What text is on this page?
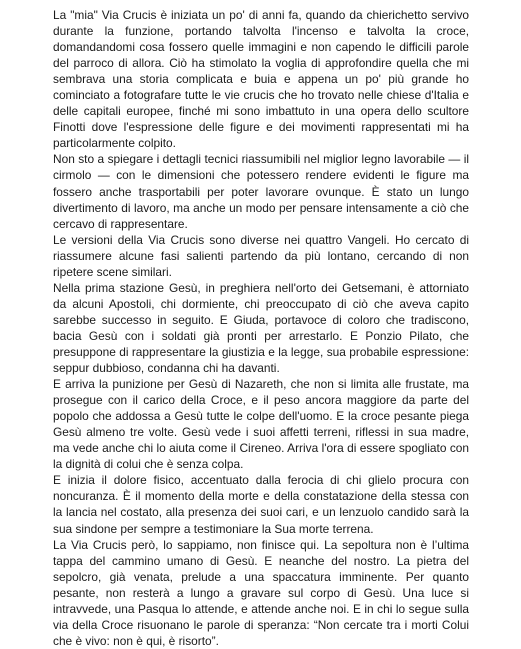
La "mia" Via Crucis è iniziata un po' di anni fa, quando da chierichetto servivo durante la funzione, portando talvolta l'incenso e talvolta la croce, domandandomi cosa fossero quelle immagini e non capendo le difficili parole del parroco di allora. Ciò ha stimolato la voglia di approfondire quella che mi sembrava una storia complicata e buia e appena un po' più grande ho cominciato a fotografare tutte le vie crucis che ho trovato nelle chiese d'Italia e delle capitali europee, finché mi sono imbattuto in una opera dello scultore Finotti dove l'espressione delle figure e dei movimenti rappresentati mi ha particolarmente colpito.

Non sto a spiegare i dettagli tecnici riassumibili nel miglior legno lavorabile — il cirmolo — con le dimensioni che potessero rendere evidenti le figure ma fossero anche trasportabili per poter lavorare ovunque. È stato un lungo divertimento di lavoro, ma anche un modo per pensare intensamente a ciò che cercavo di rappresentare.

Le versioni della Via Crucis sono diverse nei quattro Vangeli. Ho cercato di riassumere alcune fasi salienti partendo da più lontano, cercando di non ripetere scene similari.

Nella prima stazione Gesù, in preghiera nell'orto dei Getsemani, è attorniato da alcuni Apostoli, chi dormiente, chi preoccupato di ciò che aveva capito sarebbe successo in seguito. E Giuda, portavoce di coloro che tradiscono, bacia Gesù con i soldati già pronti per arrestarlo. E Ponzio Pilato, che presuppone di rappresentare la giustizia e la legge, sua probabile espressione: seppur dubbioso, condanna chi ha davanti.

E arriva la punizione per Gesù di Nazareth, che non si limita alle frustate, ma prosegue con il carico della Croce, e il peso ancora maggiore da parte del popolo che addossa a Gesù tutte le colpe dell'uomo. E la croce pesante piega Gesù almeno tre volte. Gesù vede i suoi affetti terreni, riflessi in sua madre, ma vede anche chi lo aiuta come il Cireneo. Arriva l'ora di essere spogliato con la dignità di colui che è senza colpa.

E inizia il dolore fisico, accentuato dalla ferocia di chi glielo procura con noncuranza. È il momento della morte e della constatazione della stessa con la lancia nel costato, alla presenza dei suoi cari, e un lenzuolo candido sarà la sua sindone per sempre a testimoniare la Sua morte terrena.

La Via Crucis però, lo sappiamo, non finisce qui. La sepoltura non è l’ultima tappa del cammino umano di Gesù. E neanche del nostro. La pietra del sepolcro, già venata, prelude a una spaccatura imminente. Per quanto pesante, non resterà a lungo a gravare sul corpo di Gesù. Una luce si intravvede, una Pasqua lo attende, e attende anche noi. E in chi lo segue sulla via della Croce risuonano le parole di speranza: “Non cercate tra i morti Colui che è vivo: non è qui, è risorto”.
